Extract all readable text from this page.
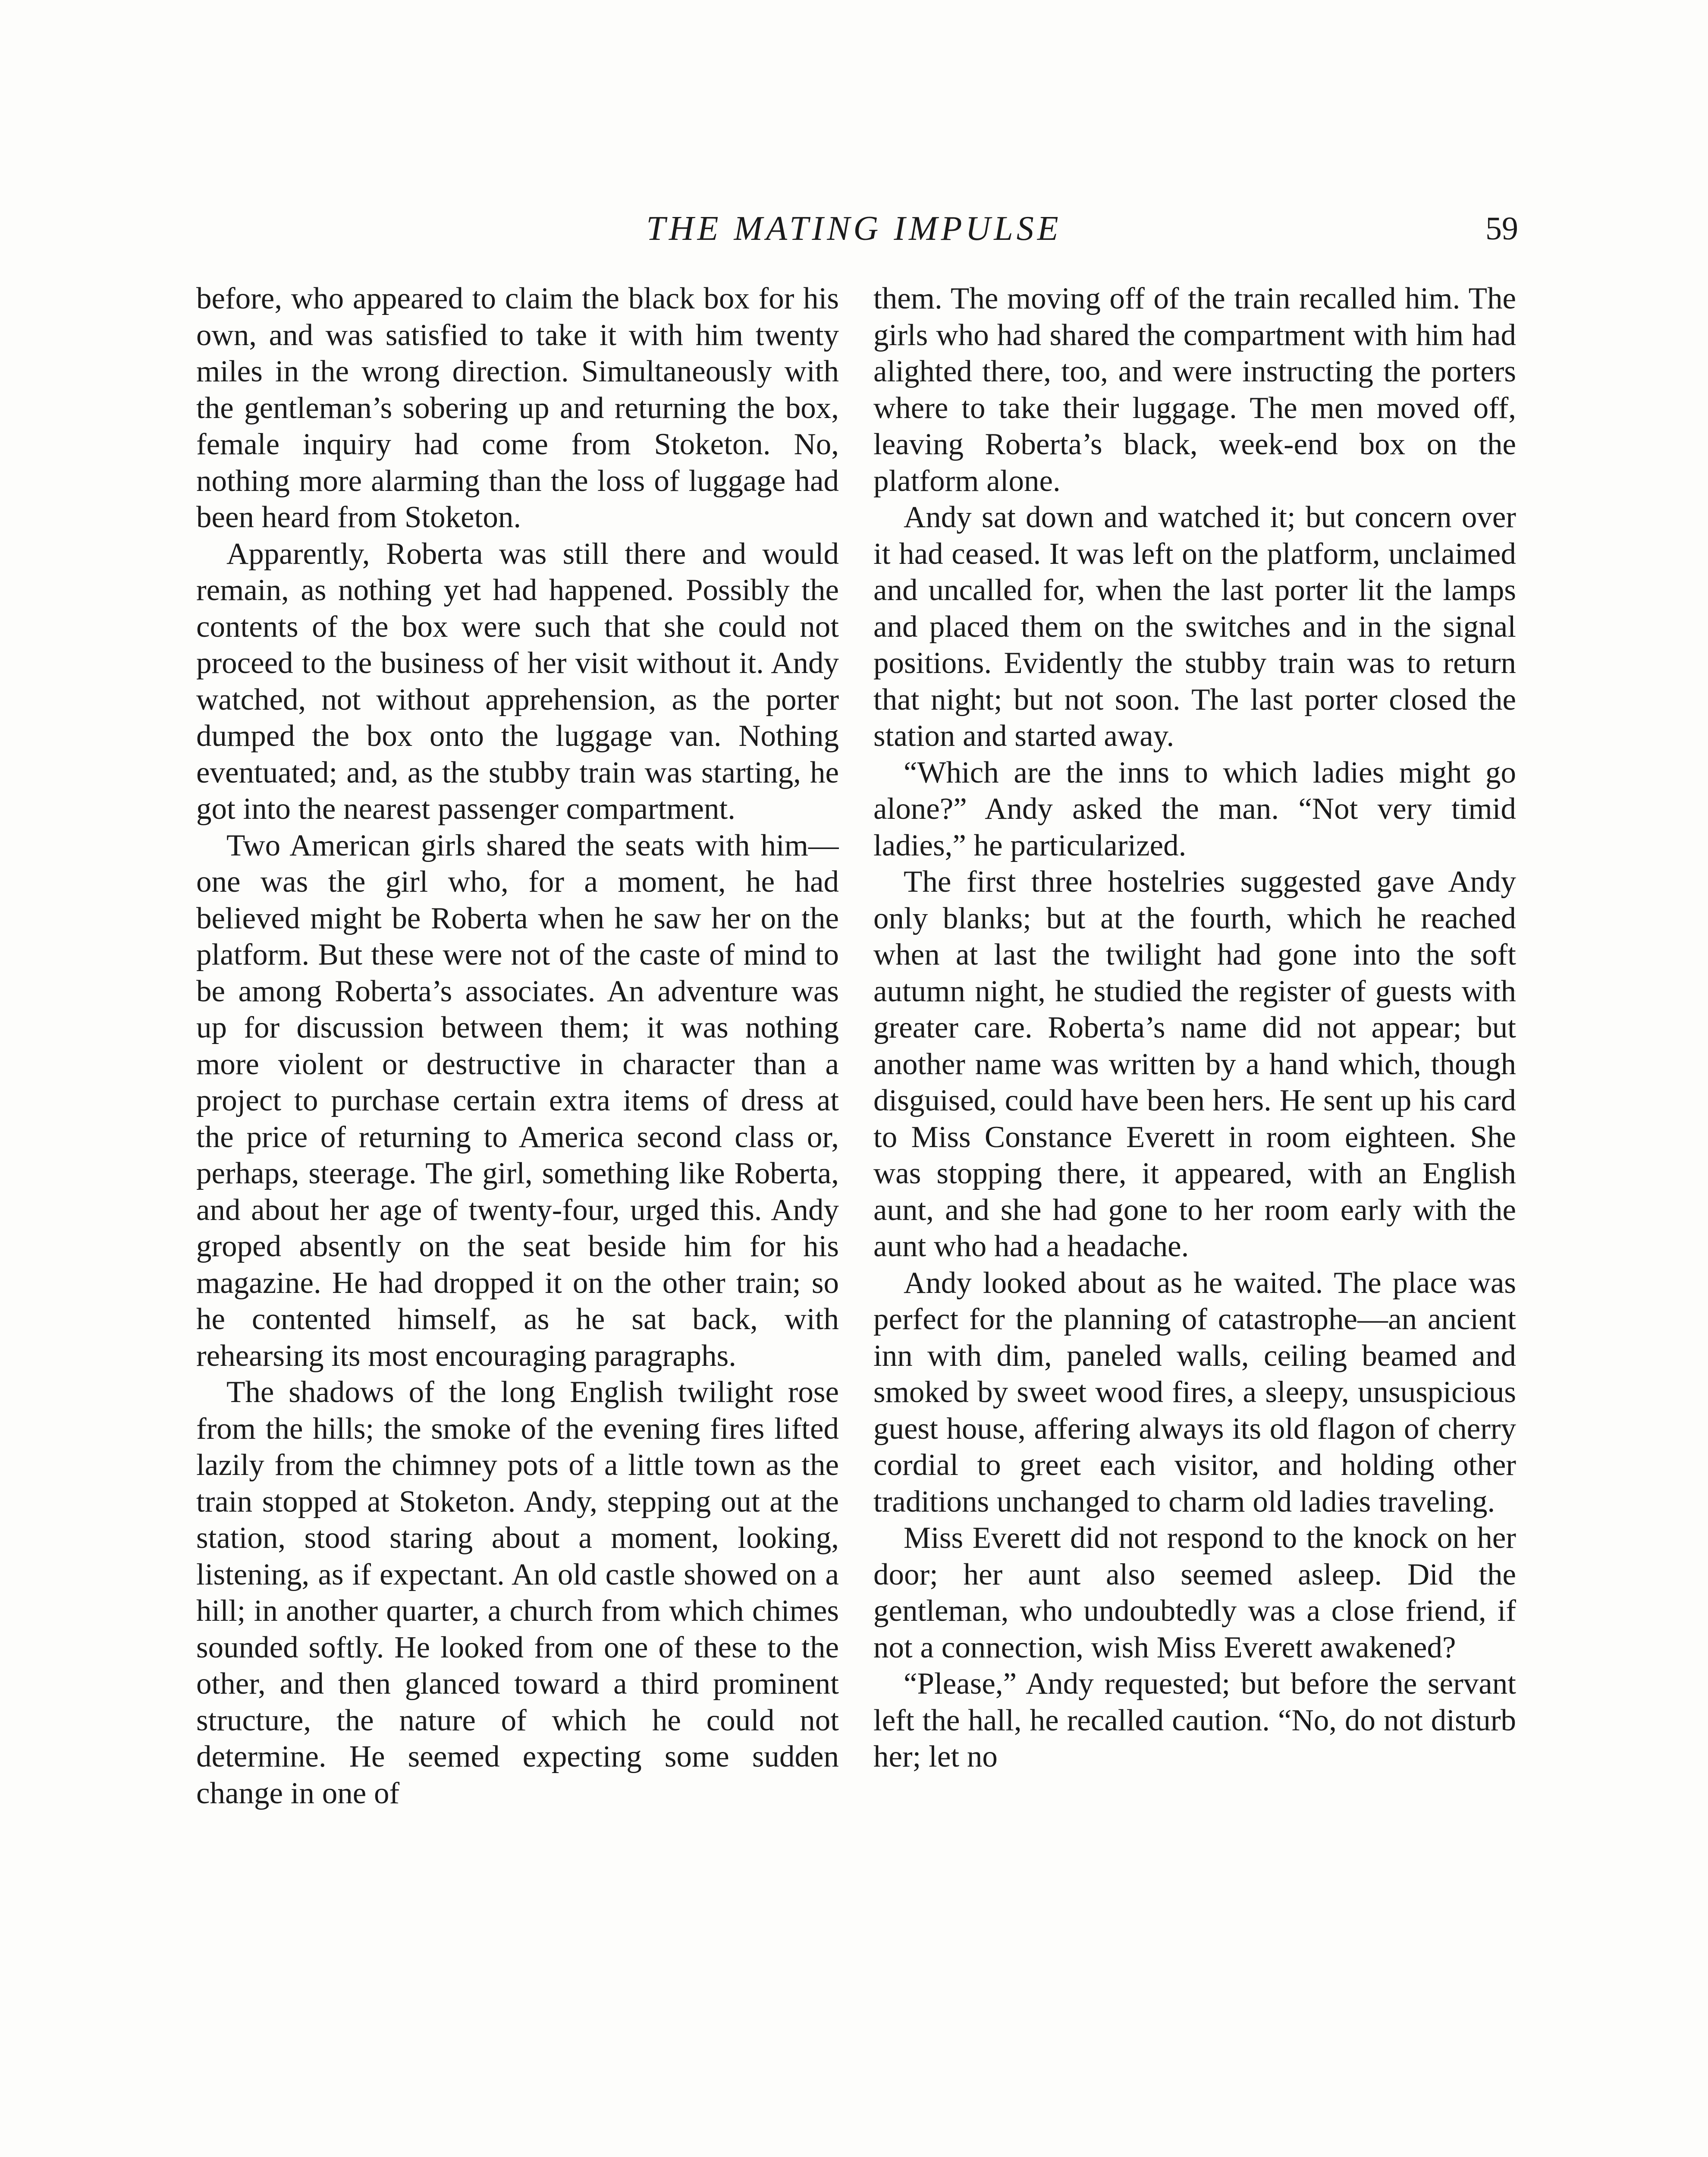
THE MATING IMPULSE	59

before, who appeared to claim the black box for his own, and was satisfied to take it with him twenty miles in the wrong direction. Simultaneously with the gentleman’s sobering up and returning the box, female inquiry had come from Stoketon. No, nothing more alarming than the loss of luggage had been heard from Stoketon.

Apparently, Roberta was still there and would remain, as nothing yet had happened. Possibly the contents of the box were such that she could not proceed to the business of her visit without it. Andy watched, not without apprehension, as the porter dumped the box onto the luggage van. Nothing eventuated; and, as the stubby train was starting, he got into the nearest passenger compartment.

Two American girls shared the seats with him—one was the girl who, for a moment, he had believed might be Roberta when he saw her on the platform. But these were not of the caste of mind to be among Roberta’s associates. An adventure was up for discussion between them; it was nothing more violent or destructive in character than a project to purchase certain extra items of dress at the price of returning to America second class or, perhaps, steerage. The girl, something like Roberta, and about her age of twenty-four, urged this. Andy groped absently on the seat beside him for his magazine. He had dropped it on the other train; so he contented himself, as he sat back, with rehearsing its most encouraging paragraphs.

The shadows of the long English twilight rose from the hills; the smoke of the evening fires lifted lazily from the chimney pots of a little town as the train stopped at Stoketon. Andy, stepping out at the station, stood staring about a moment, looking, listening, as if expectant. An old castle showed on a hill; in another quarter, a church from which chimes sounded softly. He looked from one of these to the other, and then glanced toward a third prominent structure, the nature of which he could not determine. He seemed expecting some sudden change in one of

them. The moving off of the train recalled him. The girls who had shared the compartment with him had alighted there, too, and were instructing the porters where to take their luggage. The men moved off, leaving Roberta’s black, week-end box on the platform alone.

Andy sat down and watched it; but concern over it had ceased. It was left on the platform, unclaimed and uncalled for, when the last porter lit the lamps and placed them on the switches and in the signal positions. Evidently the stubby train was to return that night; but not soon. The last porter closed the station and started away.

“Which are the inns to which ladies might go alone?” Andy asked the man. “Not very timid ladies,” he particularized.

The first three hostelries suggested gave Andy only blanks; but at the fourth, which he reached when at last the twilight had gone into the soft autumn night, he studied the register of guests with greater care. Roberta’s name did not appear; but another name was written by a hand which, though disguised, could have been hers. He sent up his card to Miss Constance Everett in room eighteen. She was stopping there, it appeared, with an English aunt, and she had gone to her room early with the aunt who had a headache.

Andy looked about as he waited. The place was perfect for the planning of catastrophe—an ancient inn with dim, paneled walls, ceiling beamed and smoked by sweet wood fires, a sleepy, unsuspicious guest house, affering always its old flagon of cherry cordial to greet each visitor, and holding other traditions unchanged to charm old ladies traveling.

Miss Everett did not respond to the knock on her door; her aunt also seemed asleep. Did the gentleman, who undoubtedly was a close friend, if not a connection, wish Miss Everett awakened?

“Please,” Andy requested; but before the servant left the hall, he recalled caution. “No, do not disturb her; let no
